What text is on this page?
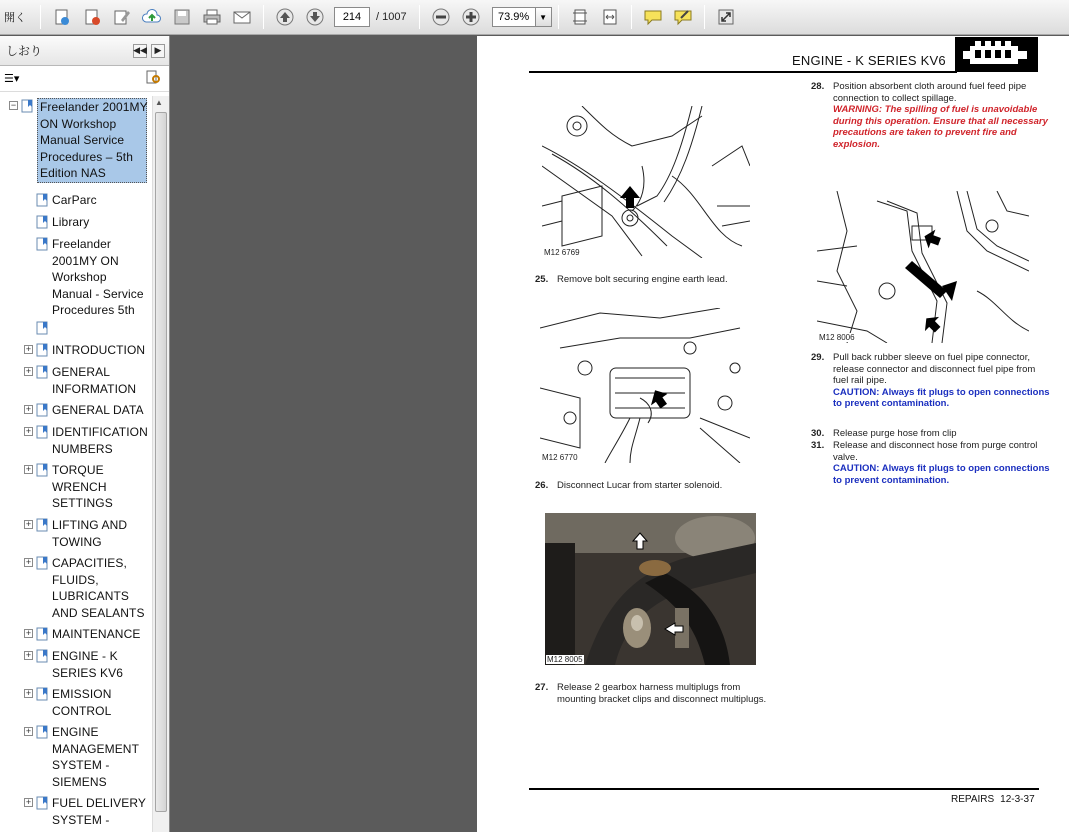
開く	214	/ 1007	73.9%	▼
しおり	◀◀ ▶
☰▾
− Freelander 2001MY
ON Workshop
Manual Service
Procedures – 5th
Edition NAS
CarParc
Library
Freelander
2001MY ON
Workshop
Manual - Service
Procedures 5th

+ INTRODUCTION
+ GENERAL
INFORMATION
+ GENERAL DATA
+ IDENTIFICATION
NUMBERS
+ TORQUE
WRENCH
SETTINGS
+ LIFTING AND
TOWING
+ CAPACITIES,
FLUIDS,
LUBRICANTS
AND SEALANTS
+ MAINTENANCE
+ ENGINE - K
SERIES KV6
+ EMISSION
CONTROL
+ ENGINE
MANAGEMENT
SYSTEM -
SIEMENS
+ FUEL DELIVERY
SYSTEM -
▲
ENGINE - K SERIES KV6
M12 6769
25. Remove bolt securing engine earth lead.
M12 6770
26. Disconnect Lucar from starter solenoid.
M12 8005
27. Release 2 gearbox harness multiplugs from mounting bracket clips and disconnect multiplugs.
28. Position absorbent cloth around fuel feed pipe connection to collect spillage.
WARNING: The spilling of fuel is unavoidable during this operation. Ensure that all necessary precautions are taken to prevent fire and explosion.
M12 8006
29. Pull back rubber sleeve on fuel pipe connector, release connector and disconnect fuel pipe from fuel rail pipe.
CAUTION: Always fit plugs to open connections to prevent contamination.
30. Release purge hose from clip
31. Release and disconnect hose from purge control valve.
CAUTION: Always fit plugs to open connections to prevent contamination.
REPAIRS 12-3-37
